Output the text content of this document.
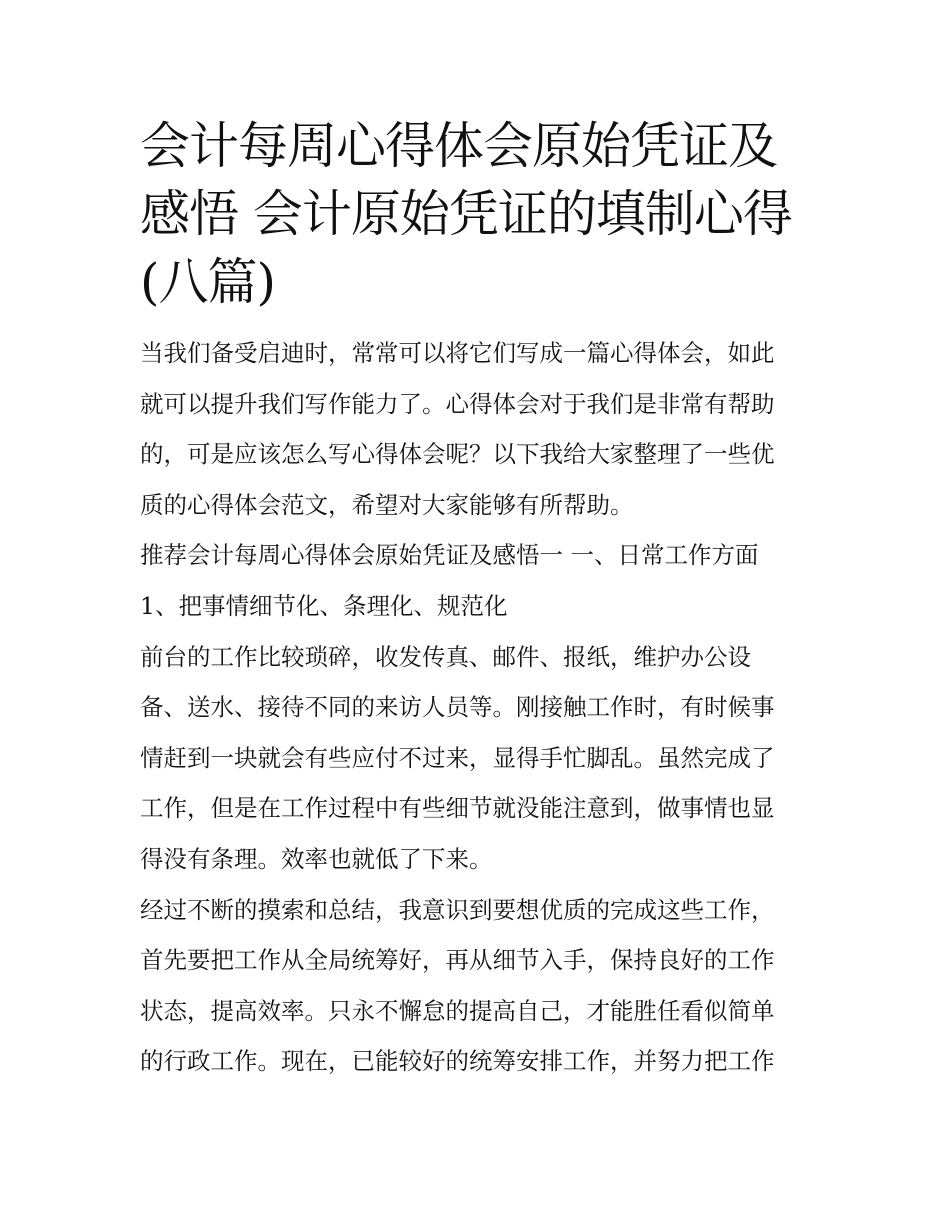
会计每周心得体会原始凭证及
感悟 会计原始凭证的填制心得
(八篇)
当我们备受启迪时，常常可以将它们写成一篇心得体会，如此
就可以提升我们写作能力了。心得体会对于我们是非常有帮助
的，可是应该怎么写心得体会呢？以下我给大家整理了一些优
质的心得体会范文，希望对大家能够有所帮助。
推荐会计每周心得体会原始凭证及感悟一 一、日常工作方面
1、把事情细节化、条理化、规范化
前台的工作比较琐碎，收发传真、邮件、报纸，维护办公设
备、送水、接待不同的来访人员等。刚接触工作时，有时候事
情赶到一块就会有些应付不过来，显得手忙脚乱。虽然完成了
工作，但是在工作过程中有些细节就没能注意到，做事情也显
得没有条理。效率也就低了下来。
经过不断的摸索和总结，我意识到要想优质的完成这些工作，
首先要把工作从全局统筹好，再从细节入手，保持良好的工作
状态，提高效率。只永不懈怠的提高自己，才能胜任看似简单
的行政工作。现在，已能较好的统筹安排工作，并努力把工作
